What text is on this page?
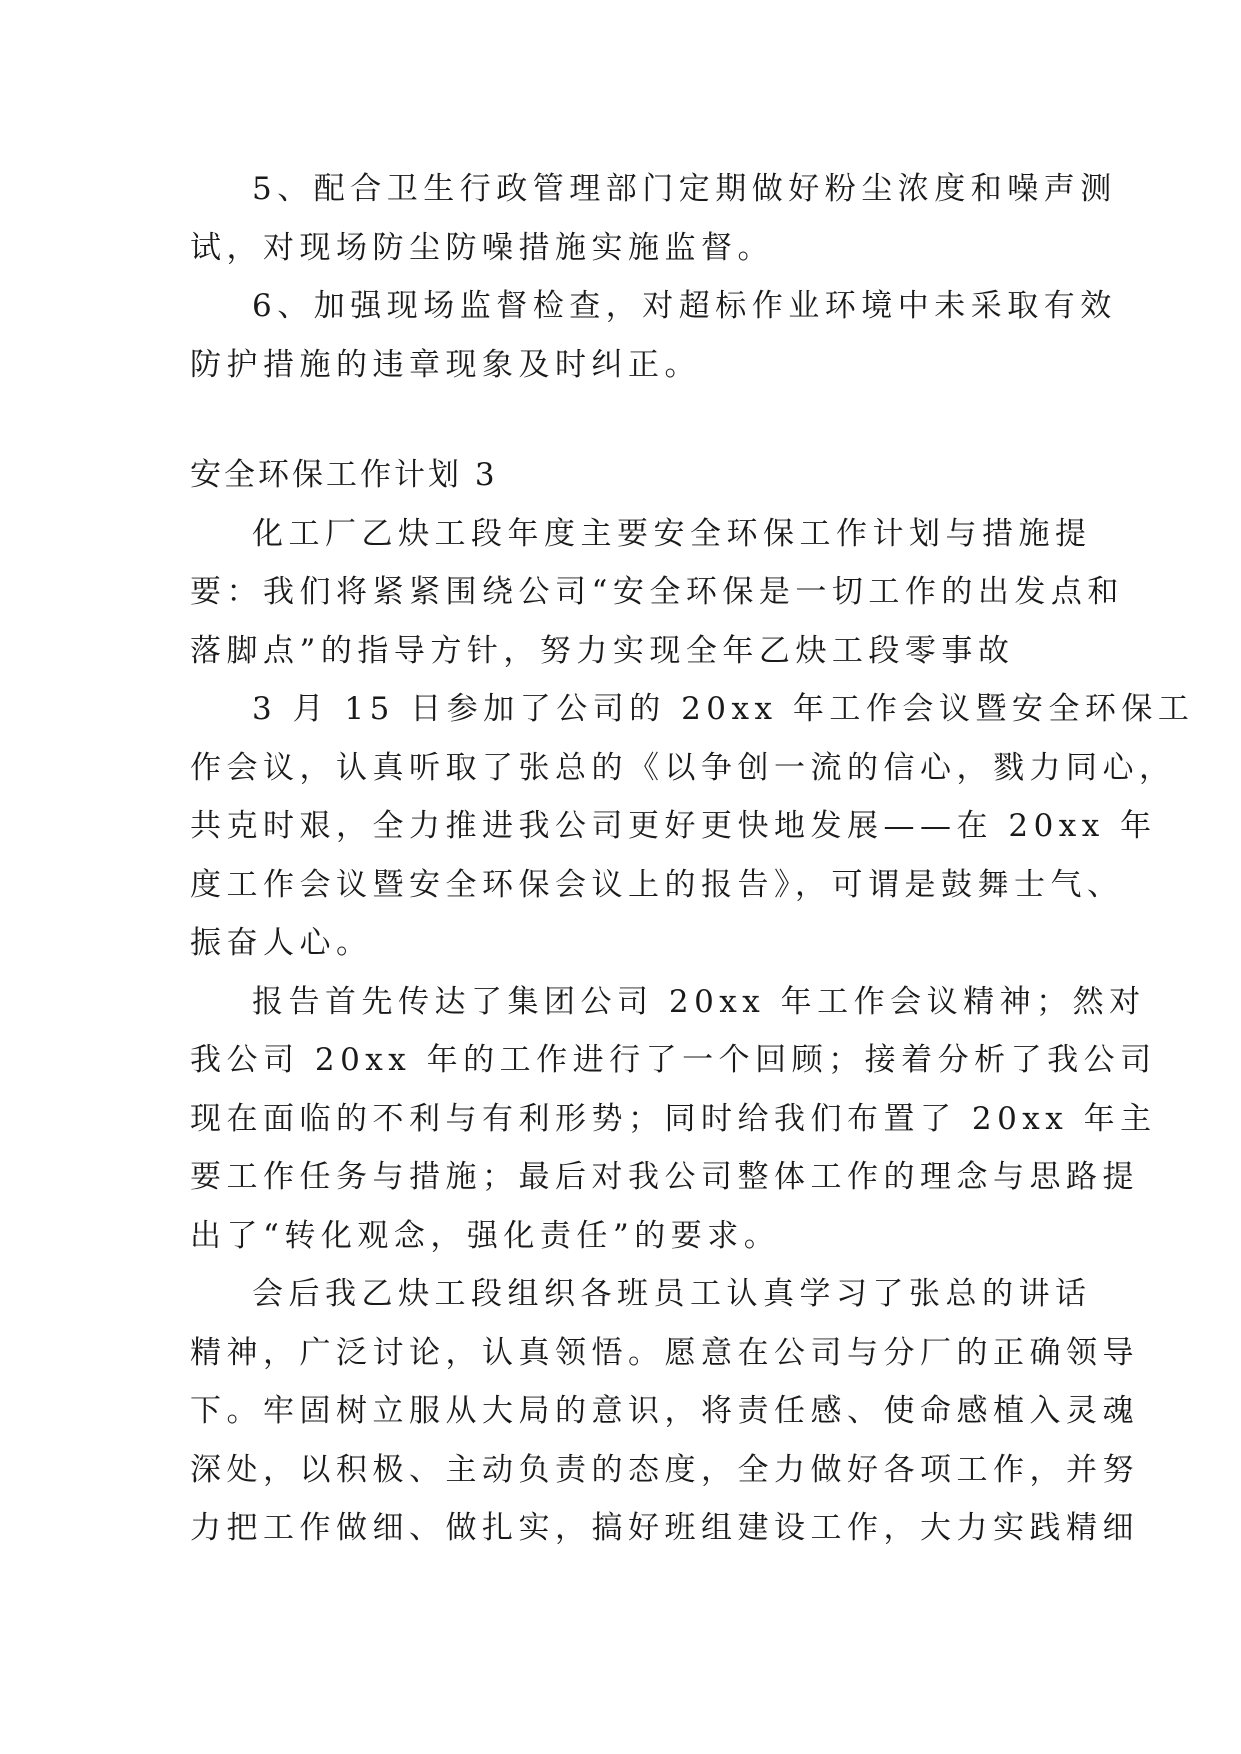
5、配合卫生行政管理部门定期做好粉尘浓度和噪声测
试，对现场防尘防噪措施实施监督。
6、加强现场监督检查，对超标作业环境中未采取有效
防护措施的违章现象及时纠正。
安全环保工作计划 3
化工厂乙炔工段年度主要安全环保工作计划与措施提
要：我们将紧紧围绕公司“安全环保是一切工作的出发点和
落脚点”的指导方针，努力实现全年乙炔工段零事故
3 月 15 日参加了公司的 20xx 年工作会议暨安全环保工
作会议，认真听取了张总的《以争创一流的信心，戮力同心，
共克时艰，全力推进我公司更好更快地发展——在 20xx 年
度工作会议暨安全环保会议上的报告》，可谓是鼓舞士气、
振奋人心。
报告首先传达了集团公司 20xx 年工作会议精神；然对
我公司 20xx 年的工作进行了一个回顾；接着分析了我公司
现在面临的不利与有利形势；同时给我们布置了 20xx 年主
要工作任务与措施；最后对我公司整体工作的理念与思路提
出了“转化观念，强化责任”的要求。
会后我乙炔工段组织各班员工认真学习了张总的讲话
精神，广泛讨论，认真领悟。愿意在公司与分厂的正确领导
下。牢固树立服从大局的意识，将责任感、使命感植入灵魂
深处，以积极、主动负责的态度，全力做好各项工作，并努
力把工作做细、做扎实，搞好班组建设工作，大力实践精细
